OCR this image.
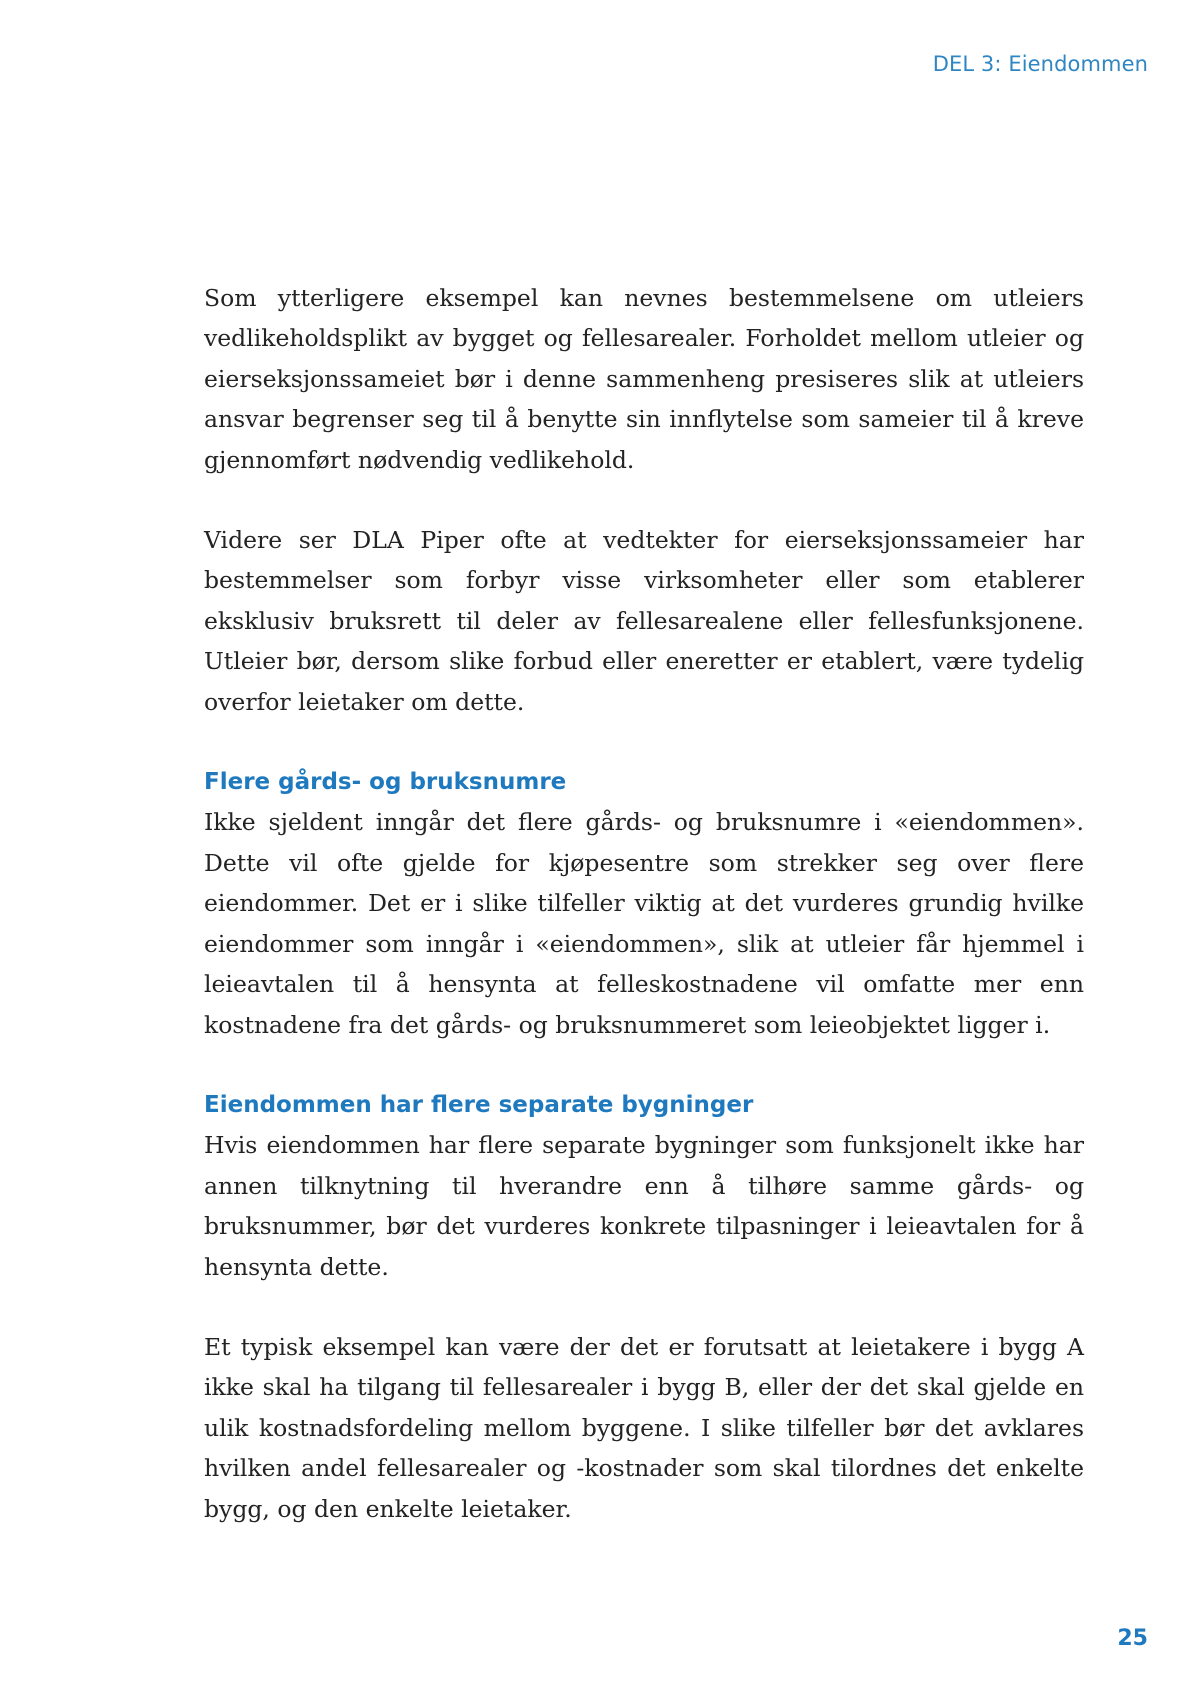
DEL 3: Eiendommen

Som ytterligere eksempel kan nevnes bestemmelsene om utleiers vedlikeholdsplikt av bygget og fellesarealer. Forholdet mellom utleier og eierseksjonssameiet bør i denne sammenheng presiseres slik at utleiers ansvar begrenser seg til å benytte sin innflytelse som sameier til å kreve gjennomført nødvendig vedlikehold.

Videre ser DLA Piper ofte at vedtekter for eierseksjonssameier har bestemmelser som forbyr visse virksomheter eller som etablerer eksklusiv bruksrett til deler av fellesarealene eller fellesfunksjonene. Utleier bør, dersom slike forbud eller eneretter er etablert, være tydelig overfor leietaker om dette.

Flere gårds- og bruksnumre

Ikke sjeldent inngår det flere gårds- og bruksnumre i «eiendommen». Dette vil ofte gjelde for kjøpesentre som strekker seg over flere eiendommer. Det er i slike tilfeller viktig at det vurderes grundig hvilke eiendommer som inngår i «eiendommen», slik at utleier får hjemmel i leieavtalen til å hensynta at felleskostnadene vil omfatte mer enn kostnadene fra det gårds- og bruksnummeret som leieobjektet ligger i.

Eiendommen har flere separate bygninger

Hvis eiendommen har flere separate bygninger som funksjonelt ikke har annen tilknytning til hverandre enn å tilhøre samme gårds- og bruksnummer, bør det vurderes konkrete tilpasninger i leieavtalen for å hensynta dette.

Et typisk eksempel kan være der det er forutsatt at leietakere i bygg A ikke skal ha tilgang til fellesarealer i bygg B, eller der det skal gjelde en ulik kostnadsfordeling mellom byggene. I slike tilfeller bør det avklares hvilken andel fellesarealer og -kostnader som skal tilordnes det enkelte bygg, og den enkelte leietaker.

25
